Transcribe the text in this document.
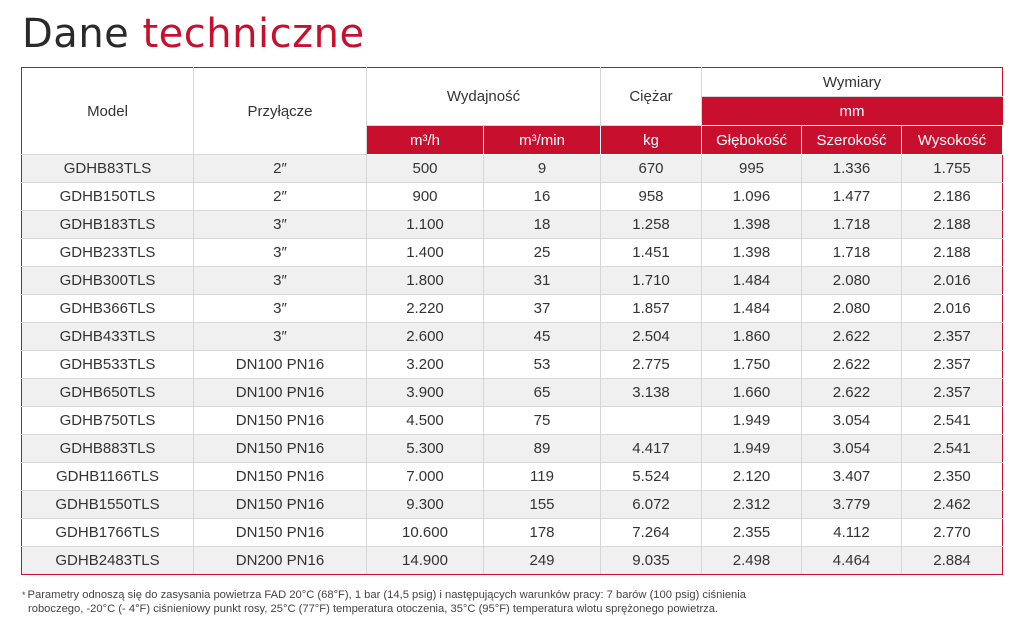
Dane techniczne
Model	Przyłącze	Wydajność		Ciężar	Wymiary		
					mm		
		m³/h	m³/min	kg	Głębokość	Szerokość	Wysokość
GDHB83TLS	2″	500	9	670	995	1.336	1.755
GDHB150TLS	2″	900	16	958	1.096	1.477	2.186
GDHB183TLS	3″	1.100	18	1.258	1.398	1.718	2.188
GDHB233TLS	3″	1.400	25	1.451	1.398	1.718	2.188
GDHB300TLS	3″	1.800	31	1.710	1.484	2.080	2.016
GDHB366TLS	3″	2.220	37	1.857	1.484	2.080	2.016
GDHB433TLS	3″	2.600	45	2.504	1.860	2.622	2.357
GDHB533TLS	DN100 PN16	3.200	53	2.775	1.750	2.622	2.357
GDHB650TLS	DN100 PN16	3.900	65	3.138	1.660	2.622	2.357
GDHB750TLS	DN150 PN16	4.500	75		1.949	3.054	2.541
GDHB883TLS	DN150 PN16	5.300	89	4.417	1.949	3.054	2.541
GDHB1166TLS	DN150 PN16	7.000	119	5.524	2.120	3.407	2.350
GDHB1550TLS	DN150 PN16	9.300	155	6.072	2.312	3.779	2.462
GDHB1766TLS	DN150 PN16	10.600	178	7.264	2.355	4.112	2.770
GDHB2483TLS	DN200 PN16	14.900	249	9.035	2.498	4.464	2.884

* Parametry odnoszą się do zasysania powietrza FAD 20°C (68°F), 1 bar (14,5 psig) i następujących warunków pracy: 7 barów (100 psig) ciśnienia
roboczego, -20°C (- 4°F) ciśnieniowy punkt rosy, 25°C (77°F) temperatura otoczenia, 35°C (95°F) temperatura wlotu sprężonego powietrza.
